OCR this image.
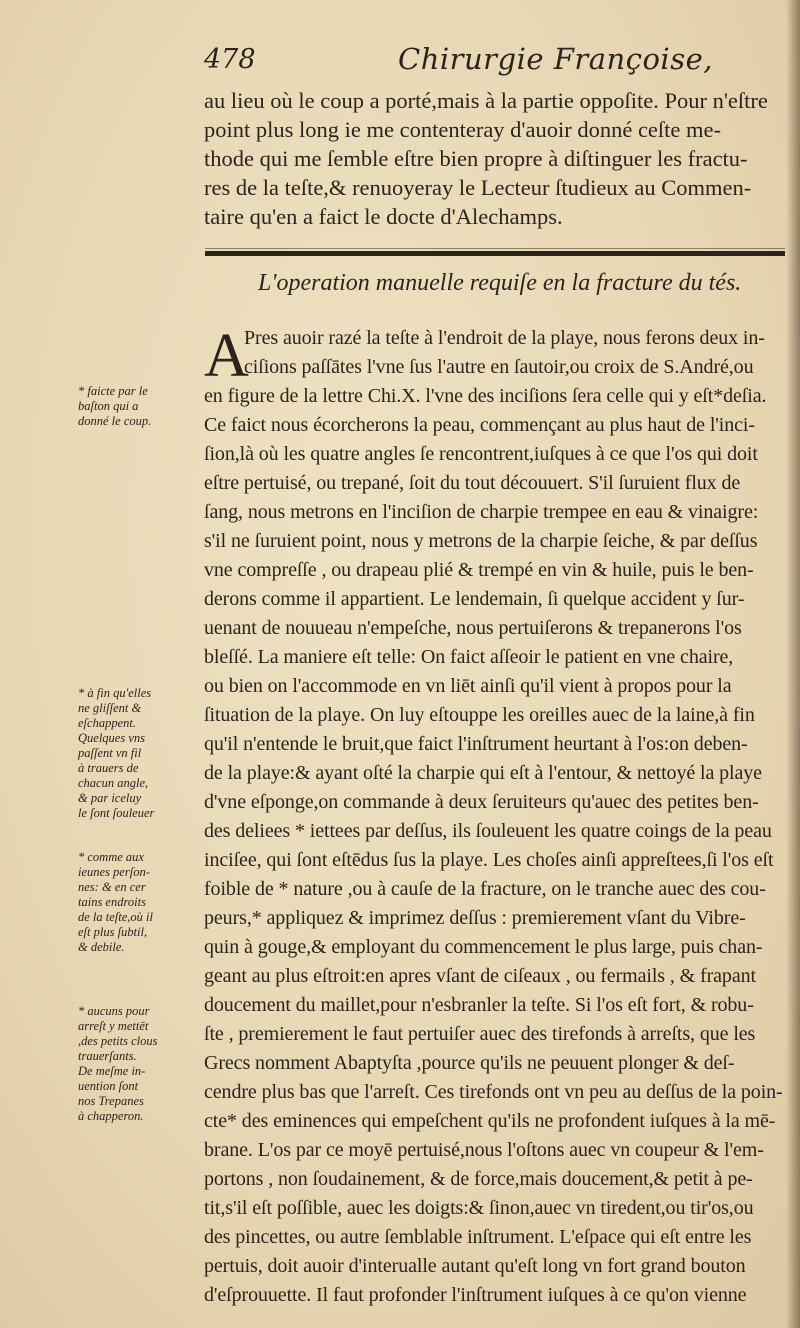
478	Chirurgie Françoise,
au lieu où le coup a porté,mais à la partie oppoſite. Pour n'eſtre
point plus long ie me contenteray d'auoir donné ceſte me-
thode qui me ſemble eſtre bien propre à diſtinguer les fractu-
res de la teſte,& renuoyeray le Lecteur ſtudieux au Commen-
taire qu'en a faict le docte d'Alechamps.
L'operation manuelle requiſe en la fracture du tés.
A
Pres auoir razé la teſte à l'endroit de la playe, nous ferons deux in-
ciſions paſſātes l'vne ſus l'autre en ſautoir,ou croix de S.André,ou
en figure de la lettre Chi.X. l'vne des inciſions ſera celle qui y eſt*deſia.
Ce faict nous écorcherons la peau, commençant au plus haut de l'inci-
ſion,là où les quatre angles ſe rencontrent,iuſques à ce que l'os qui doit
eſtre pertuisé, ou trepané, ſoit du tout découuert. S'il ſuruient flux de
ſang, nous metrons en l'inciſion de charpie trempee en eau & vinaigre:
s'il ne ſuruient point, nous y metrons de la charpie ſeiche, & par deſſus
vne compreſſe , ou drapeau plié & trempé en vin & huile, puis le ben-
derons comme il appartient. Le lendemain, ſi quelque accident y ſur-
uenant de nouueau n'empeſche, nous pertuiſerons & trepanerons l'os
bleſſé. La maniere eſt telle: On faict aſſeoir le patient en vne chaire,
ou bien on l'accommode en vn liēt ainſi qu'il vient à propos pour la
ſituation de la playe. On luy eſtouppe les oreilles auec de la laine,à fin
qu'il n'entende le bruit,que faict l'inſtrument heurtant à l'os:on deben-
de la playe:& ayant oſté la charpie qui eſt à l'entour, & nettoyé la playe
d'vne eſponge,on commande à deux ſeruiteurs qu'auec des petites ben-
des deliees * iettees par deſſus, ils ſouleuent les quatre coings de la peau
inciſee, qui ſont eſtēdus ſus la playe. Les choſes ainſi appreſtees,ſi l'os eſt
foible de * nature ,ou à cauſe de la fracture, on le tranche auec des cou-
peurs,* appliquez & imprimez deſſus : premierement vſant du Vibre-
quin à gouge,& employant du commencement le plus large, puis chan-
geant au plus eſtroit:en apres vſant de ciſeaux , ou fermails , & frapant
doucement du maillet,pour n'esbranler la teſte. Si l'os eſt fort, & robu-
ſte , premierement le faut pertuiſer auec des tirefonds à arreſts, que les
Grecs nomment Abaptyſta ,pource qu'ils ne peuuent plonger & deſ-
cendre plus bas que l'arreſt. Ces tirefonds ont vn peu au deſſus de la poin-
cte* des eminences qui empeſchent qu'ils ne profondent iuſques à la mē-
brane. L'os par ce moyē pertuisé,nous l'oſtons auec vn coupeur & l'em-
portons , non ſoudainement, & de force,mais doucement,& petit à pe-
tit,s'il eſt poſſible, auec les doigts:& ſinon,auec vn tiredent,ou tir'os,ou
des pincettes, ou autre ſemblable inſtrument. L'eſpace qui eſt entre les
pertuis, doit auoir d'interualle autant qu'eſt long vn fort grand bouton
d'eſprouuette. Il faut profonder l'inſtrument iuſques à ce qu'on vienne

* faicte par le

baſton qui a

donné le coup.

* à fin qu'elles

ne gliſſent &

eſchappent.

Quelques vns

paſſent vn fil

à trauers de

chacun angle,

& par iceluy

le ſont ſouleuer

* comme aux

ieunes perſon-

nes: & en cer

tains endroits

de la teſte,où il

eſt plus ſubtil,

& debile.

* aucuns pour

arreſt y mettēt

,des petits clous

trauerſants.

De meſme in-

uention ſont

nos Trepanes

à chapperon.
